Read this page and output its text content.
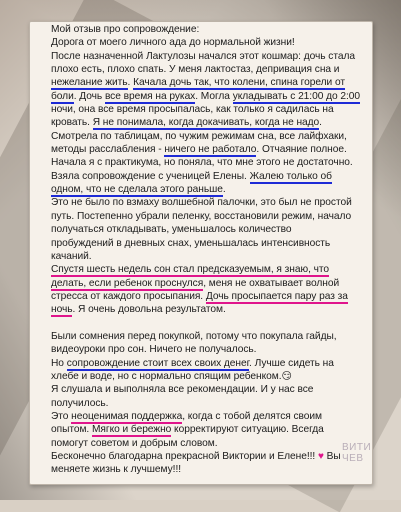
Мой отзыв про сопровождение:
Дорога от моего личного ада до нормальной жизни!
После назначенной Лактулозы начался этот кошмар: дочь стала
плохо есть, плохо спать. У меня лактостаз, депривация сна и
нежелание жить. Качала дочь так, что колени, спина горели от
боли. Дочь все время на руках. Могла укладывать с 21:00 до 2:00
ночи, она все время просыпалась, как только я садилась на
кровать. Я не понимала, когда докачивать, когда не надо.
Смотрела по таблицам, по чужим режимам сна, все лайфхаки,
методы расслабления - ничего не работало. Отчаяние полное.
Начала я с практикума, но поняла, что мне этого не достаточно.
Взяла сопровождение с ученицей Елены. Жалею только об
одном, что не сделала этого раньше.
Это не было по взмаху волшебной палочки, это был не простой
путь. Постепенно убрали пеленку, восстановили режим, начало
получаться откладывать, уменьшалось количество
пробуждений в дневных снах, уменьшалась интенсивность
качаний.
Спустя шесть недель сон стал предсказуемым, я знаю, что
делать, если ребенок проснулся, меня не охватывает волной
стресса от каждого просыпания. Дочь просыпается пару раз за
ночь. Я очень довольна результатом.
Были сомнения перед покупкой, потому что покупала гайды,
видеоуроки про сон. Ничего не получалось.
Но сопровождение стоит всех своих денег. Лучше сидеть на
хлебе и воде, но с нормально спящим ребенком.😏
Я слушала и выполняла все рекомендации. И у нас все
получилось.
Это неоценимая поддержка, когда с тобой делятся своим
опытом. Мягко и бережно корректируют ситуацию. Всегда
помогут советом и добрым словом.
Бесконечно благодарна прекрасной Виктории и Елене!!! ♥ Вы
меняете жизнь к лучшему!!!
ВИТИ
ЧЕВ
